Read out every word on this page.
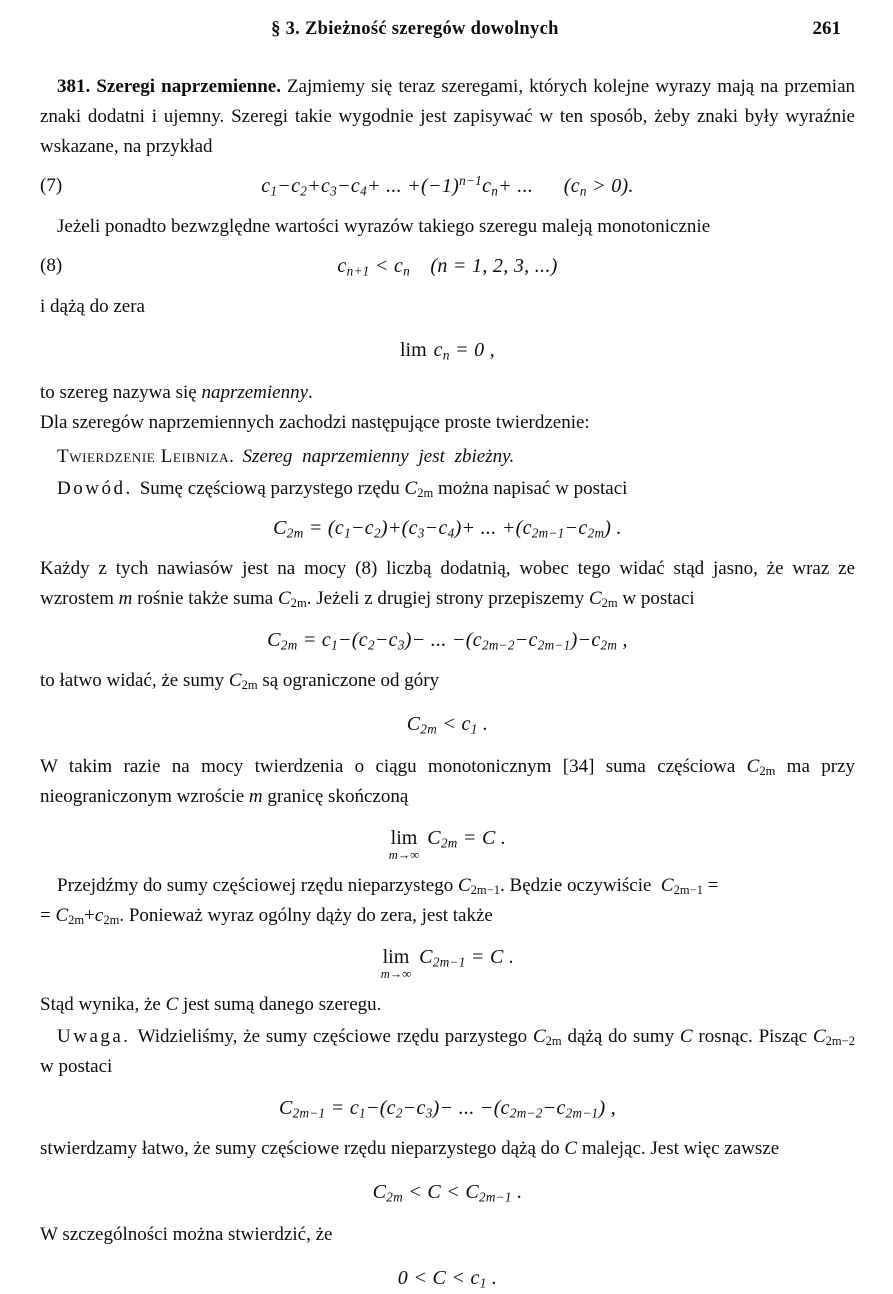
§ 3. Zbieżność szeregów dowolnych	261

381. Szeregi naprzemienne. Zajmiemy się teraz szeregami, których kolejne wyrazy mają na przemian znaki dodatni i ujemny. Szeregi takie wygodnie jest zapisywać w ten sposób, żeby znaki były wyraźnie wskazane, na przykład

(7)	$c_1-c_2+c_3-c_4+$ ... $+(-1)^{n-1}c_n+$ ...  $(c_n > 0)$.

Jeżeli ponadto bezwzględne wartości wyrazów takiego szeregu maleją monotonicznie

(8)	$c_{n+1} < c_n$ (n = 1, 2, 3, ...)

i dążą do zera

$\lim c_n = 0$ ,

to szereg nazywa się naprzemienny.

Dla szeregów naprzemiennych zachodzi następujące proste twierdzenie:

Twierdzenie Leibniza. Szereg naprzemienny jest zbieżny.

Dowód. Sumę częściową parzystego rzędu $C_{2m}$ można napisać w postaci

$C_{2m} = (c_1-c_2)+(c_3-c_4)+$ ... $+(c_{2m-1}-c_{2m})$ .

Każdy z tych nawiasów jest na mocy (8) liczbą dodatnią, wobec tego widać stąd jasno, że wraz ze wzrostem m rośnie także suma $C_{2m}$. Jeżeli z drugiej strony przepiszemy $C_{2m}$ w postaci

$C_{2m} = c_1-(c_2-c_3)-$ ... $-(c_{2m-2}-c_{2m-1})-c_{2m}$ ,

to łatwo widać, że sumy $C_{2m}$ są ograniczone od góry

$C_{2m} < c_1$ .

W takim razie na mocy twierdzenia o ciągu monotonicznym [34] suma częściowa $C_{2m}$ ma przy nieograniczonym wzroście m granicę skończoną

lim
m→∞
$C_{2m} = C$ .

Przejdźmy do sumy częściowej rzędu nieparzystego $C_{2m-1}$. Będzie oczywiście $C_{2m-1}$ =

= $C_{2m}+c_{2m}$. Ponieważ wyraz ogólny dąży do zera, jest także

lim
m→∞
$C_{2m-1} = C$ .

Stąd wynika, że C jest sumą danego szeregu.

Uwaga. Widzieliśmy, że sumy częściowe rzędu parzystego $C_{2m}$ dążą do sumy C rosnąc. Pisząc $C_{2m-2}$ w postaci

$C_{2m-1} = c_1-(c_2-c_3)-$ ... $-(c_{2m-2}-c_{2m-1})$ ,

stwierdzamy łatwo, że sumy częściowe rzędu nieparzystego dążą do C malejąc. Jest więc zawsze

$C_{2m} < C < C_{2m-1}$ .

W szczególności można stwierdzić, że

$0 < C < c_1$ .
